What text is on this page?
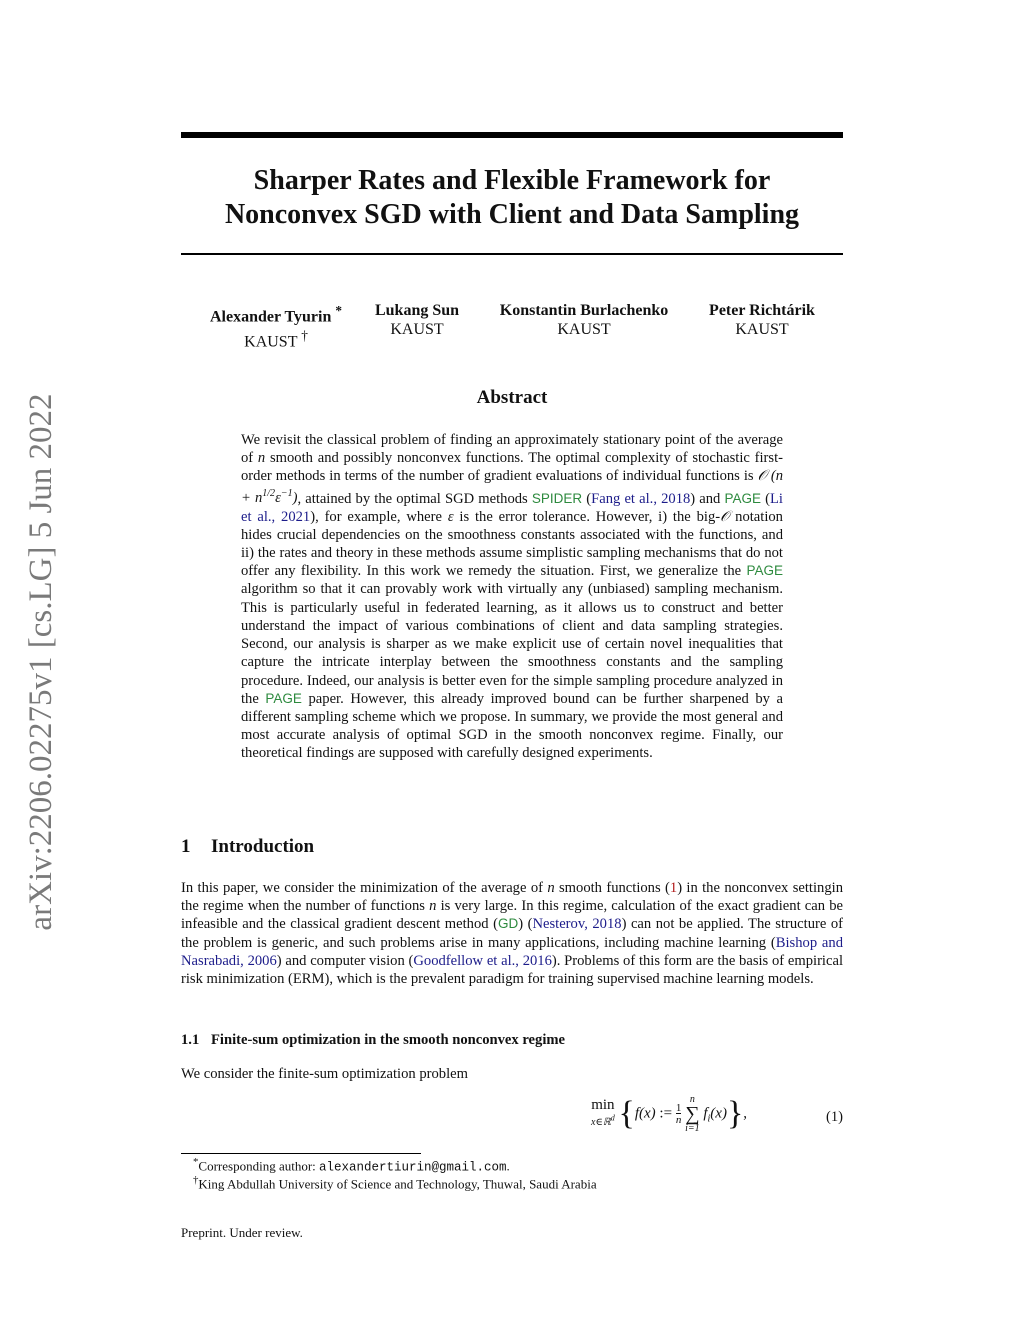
arXiv:2206.02275v1 [cs.LG] 5 Jun 2022
Sharper Rates and Flexible Framework for
Nonconvex SGD with Client and Data Sampling
Alexander Tyurin *
KAUST †
Lukang Sun
KAUST
Konstantin Burlachenko
KAUST
Peter Richtárik
KAUST
Abstract
We revisit the classical problem of finding an approximately stationary point of the average of n smooth and possibly nonconvex functions. The optimal complexity of stochastic first-order methods in terms of the number of gradient evaluations of individual functions is 𝒪 $(n + n^{1/2}\varepsilon^{-1})$, attained by the optimal SGD methods SPIDER (Fang et al., 2018) and PAGE (Li et al., 2021), for example, where ε is the error tolerance. However, i) the big-𝒪 notation hides crucial dependencies on the smoothness constants associated with the functions, and ii) the rates and theory in these methods assume simplistic sampling mechanisms that do not offer any flexibility. In this work we remedy the situation. First, we generalize the PAGE algorithm so that it can provably work with virtually any (unbiased) sampling mechanism. This is particularly useful in federated learning, as it allows us to construct and better understand the impact of various combinations of client and data sampling strategies. Second, our analysis is sharper as we make explicit use of certain novel inequalities that capture the intricate interplay between the smoothness constants and the sampling procedure. Indeed, our analysis is better even for the simple sampling procedure analyzed in the PAGE paper. However, this already improved bound can be further sharpened by a different sampling scheme which we propose. In summary, we provide the most general and most accurate analysis of optimal SGD in the smooth nonconvex regime. Finally, our theoretical findings are supposed with carefully designed experiments.
1 Introduction
In this paper, we consider the minimization of the average of n smooth functions (1) in the nonconvex settingin the regime when the number of functions n is very large. In this regime, calculation of the exact gradient can be infeasible and the classical gradient descent method (GD) (Nesterov, 2018) can not be applied. The structure of the problem is generic, and such problems arise in many applications, including machine learning (Bishop and Nasrabadi, 2006) and computer vision (Goodfellow et al., 2016). Problems of this form are the basis of empirical risk minimization (ERM), which is the prevalent paradigm for training supervised machine learning models.
1.1 Finite-sum optimization in the smooth nonconvex regime
We consider the finite-sum optimization problem
min
x∈ℝ$^d$ {f(x) := 1
n n
∑
i=1 $f_i(x)$},	(1)
*Corresponding author: alexandertiurin@gmail.com.
†King Abdullah University of Science and Technology, Thuwal, Saudi Arabia
Preprint. Under review.
